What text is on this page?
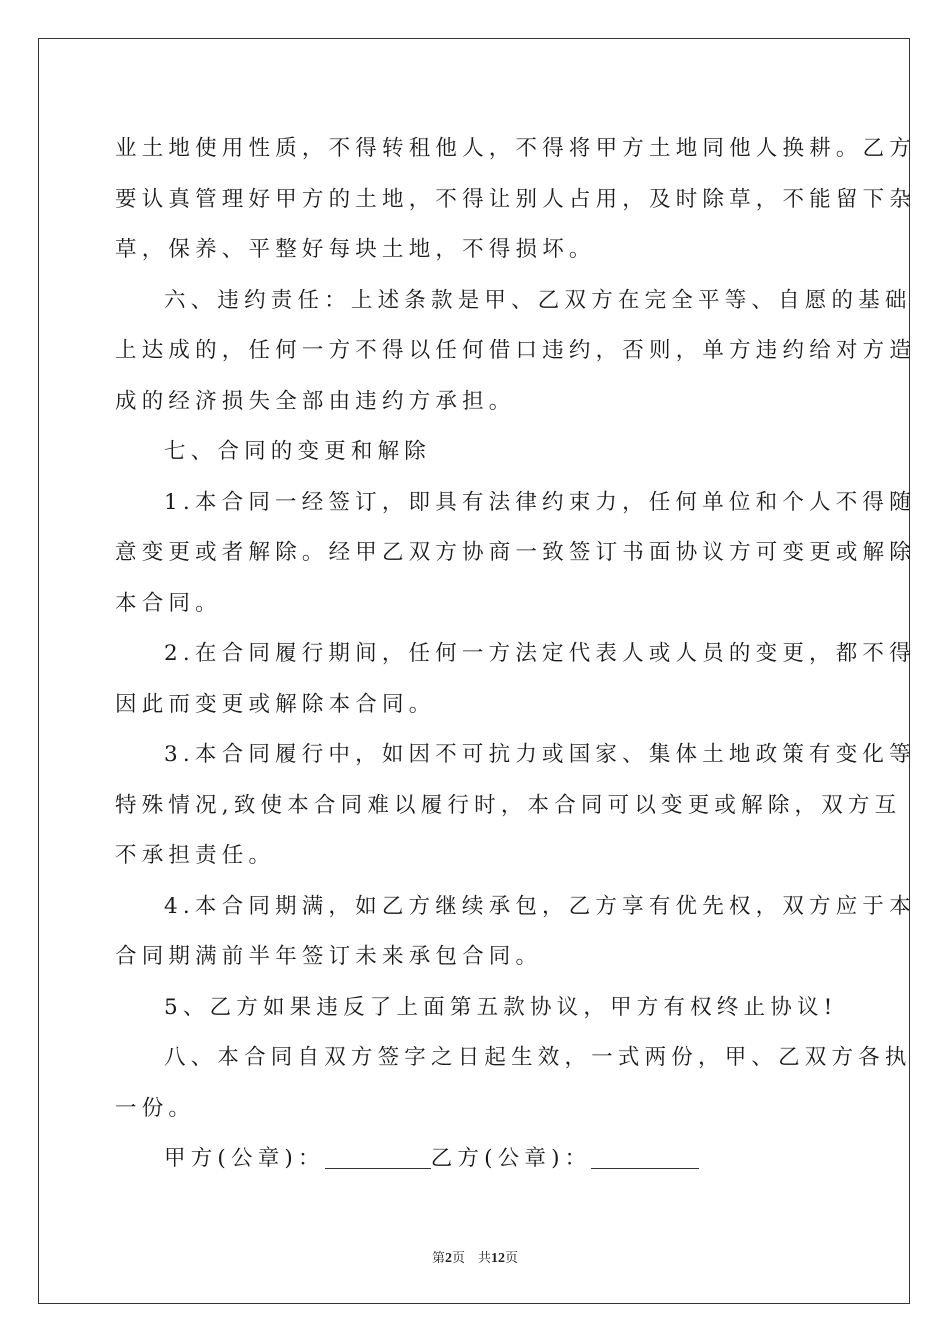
业土地使用性质，不得转租他人，不得将甲方土地同他人换耕。乙方
要认真管理好甲方的土地，不得让别人占用，及时除草，不能留下杂
草，保养、平整好每块土地，不得损坏。
六、违约责任：上述条款是甲、乙双方在完全平等、自愿的基础
上达成的，任何一方不得以任何借口违约，否则，单方违约给对方造
成的经济损失全部由违约方承担。
七、合同的变更和解除
1.本合同一经签订，即具有法律约束力，任何单位和个人不得随
意变更或者解除。经甲乙双方协商一致签订书面协议方可变更或解除
本合同。
2.在合同履行期间，任何一方法定代表人或人员的变更，都不得
因此而变更或解除本合同。
3.本合同履行中，如因不可抗力或国家、集体土地政策有变化等
特殊情况,致使本合同难以履行时，本合同可以变更或解除，双方互
不承担责任。
4.本合同期满，如乙方继续承包，乙方享有优先权，双方应于本
合同期满前半年签订未来承包合同。
5、乙方如果违反了上面第五款协议，甲方有权终止协议!
八、本合同自双方签字之日起生效，一式两份，甲、乙双方各执
一份。
甲方(公章)：	乙方(公章)：
第2页　共12页
